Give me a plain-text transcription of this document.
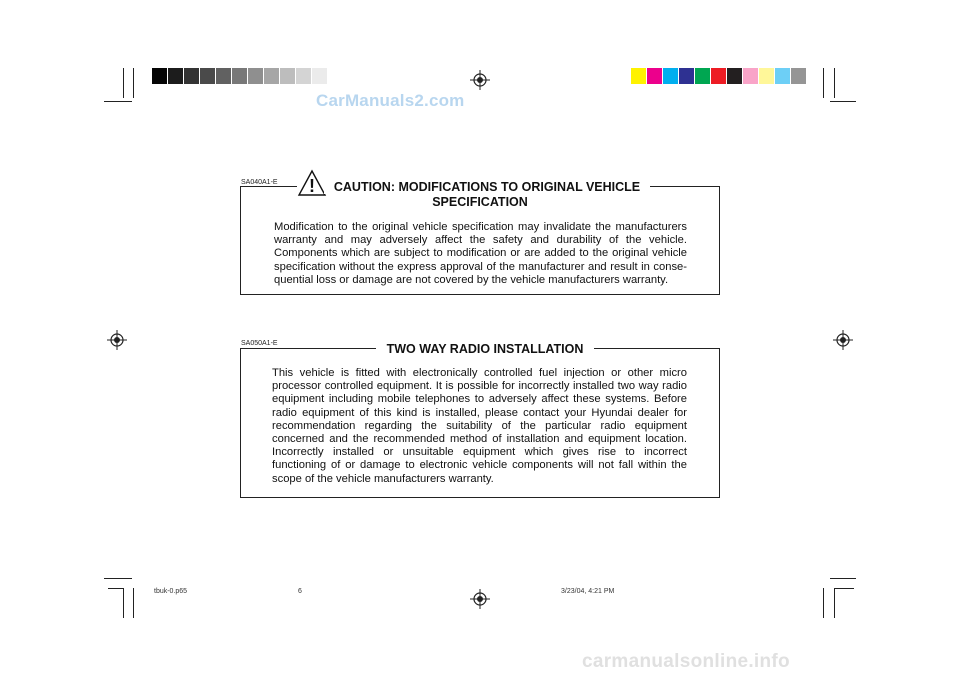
CarManuals2.com
SA040A1-E !	CAUTION: MODIFICATIONS TO ORIGINAL VEHICLE
SPECIFICATION
Modification to the original vehicle specification may invalidate the manufacturers warranty and may adversely affect the safety and durability of the vehicle. Components which are subject to modification or are added to the original vehicle specification without the express approval of the manufacturer and result in conse-quential loss or damage are not covered by the vehicle manufacturers warranty.
SA050A1-E	TWO WAY RADIO INSTALLATION
This vehicle is fitted with electronically controlled fuel injection or other micro processor controlled equipment. It is possible for incorrectly installed two way radio equipment including mobile telephones to adversely affect these systems. Before radio equipment of this kind is installed, please contact your Hyundai dealer for recommendation regarding the suitability of the particular radio equipment concerned and the recommended method of installation and equipment location. Incorrectly installed or unsuitable equipment which gives rise to incorrect functioning of or damage to electronic vehicle components will not fall within the scope of the vehicle manufacturers warranty.
tbuk-0.p65	6	3/23/04, 4:21 PM
carmanualsonline.info
